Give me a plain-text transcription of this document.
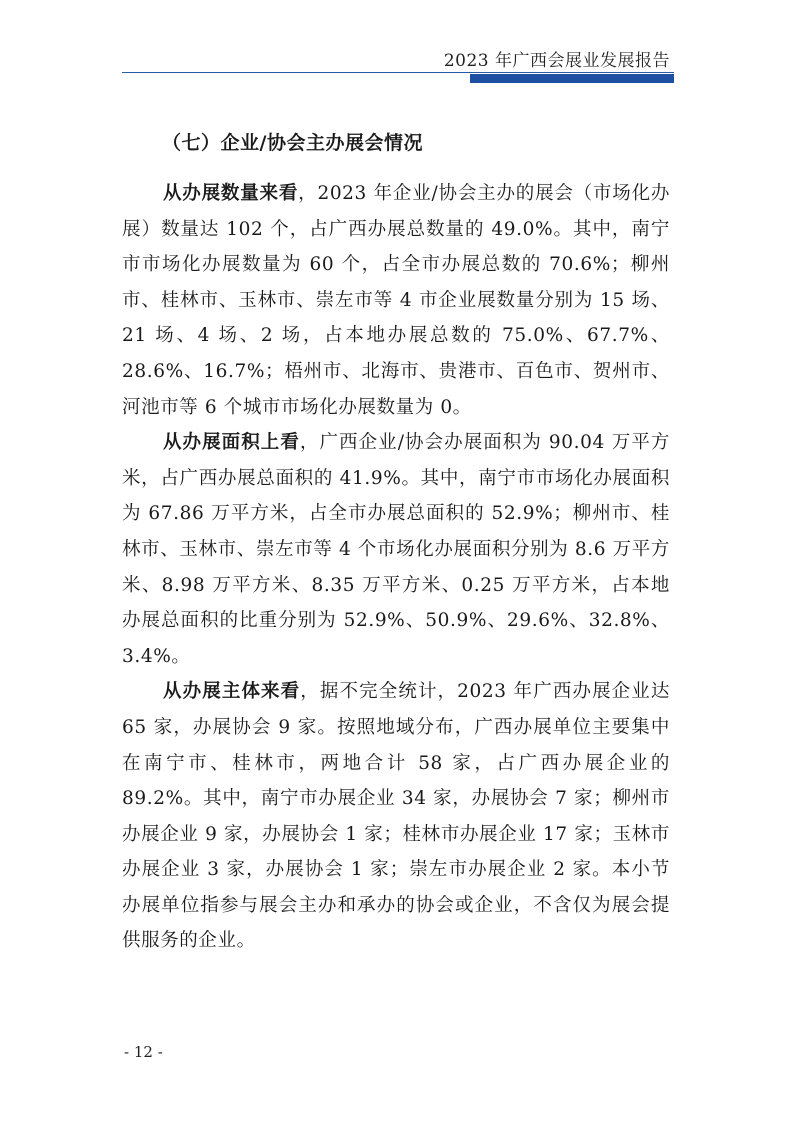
2023 年广西会展业发展报告
（七）企业/协会主办展会情况

从办展数量来看，2023 年企业/协会主办的展会（市场化办展）数量达 102 个，占广西办展总数量的 49.0%。其中，南宁市市场化办展数量为 60 个，占全市办展总数的 70.6%；柳州市、桂林市、玉林市、崇左市等 4 市企业展数量分别为 15 场、21 场、4 场、2 场，占本地办展总数的 75.0%、67.7%、28.6%、16.7%；梧州市、北海市、贵港市、百色市、贺州市、河池市等 6 个城市市场化办展数量为 0。

从办展面积上看，广西企业/协会办展面积为 90.04 万平方米，占广西办展总面积的 41.9%。其中，南宁市市场化办展面积为 67.86 万平方米，占全市办展总面积的 52.9%；柳州市、桂林市、玉林市、崇左市等 4 个市场化办展面积分别为 8.6 万平方米、8.98 万平方米、8.35 万平方米、0.25 万平方米，占本地办展总面积的比重分别为 52.9%、50.9%、29.6%、32.8%、3.4%。

从办展主体来看，据不完全统计，2023 年广西办展企业达 65 家，办展协会 9 家。按照地域分布，广西办展单位主要集中在南宁市、桂林市，两地合计 58 家，占广西办展企业的 89.2%。其中，南宁市办展企业 34 家，办展协会 7 家；柳州市办展企业 9 家，办展协会 1 家；桂林市办展企业 17 家；玉林市办展企业 3 家，办展协会 1 家；崇左市办展企业 2 家。本小节办展单位指参与展会主办和承办的协会或企业，不含仅为展会提供服务的企业。

- 12 -
